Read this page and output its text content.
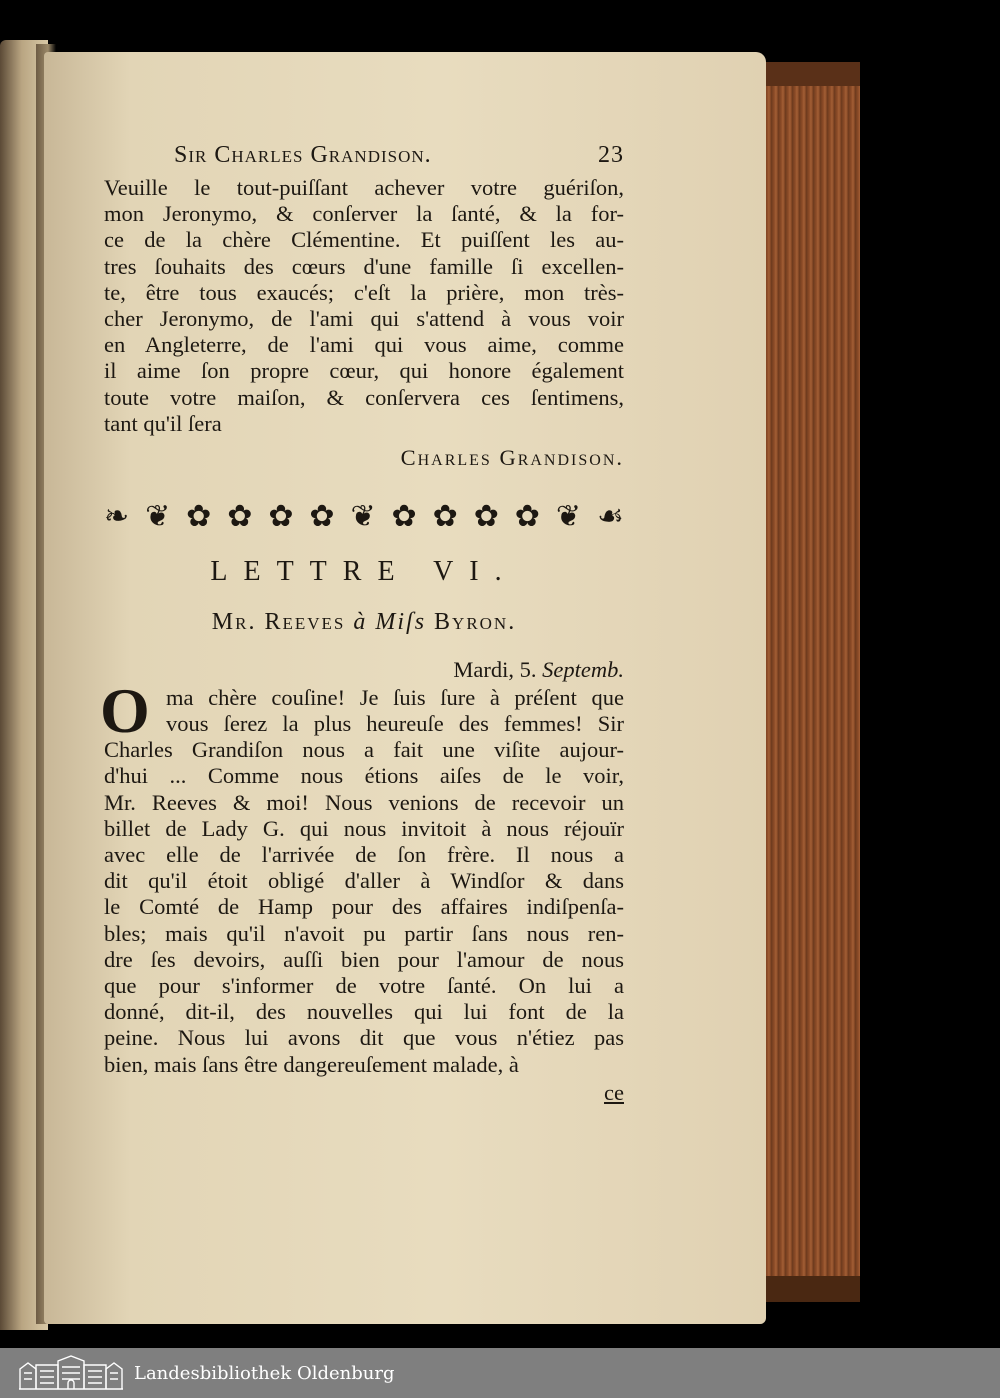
Sir Charles Grandison.	23
Veuille le tout-puiſſant achever votre guériſon,
mon Jeronymo, & conſerver la ſanté, & la for-
ce de la chère Clémentine. Et puiſſent les au-
tres ſouhaits des cœurs d'une famille ſi excellen-
te, être tous exaucés; c'eſt la prière, mon très-
cher Jeronymo, de l'ami qui s'attend à vous voir
en Angleterre, de l'ami qui vous aime, comme
il aime ſon propre cœur, qui honore également
toute votre maiſon, & conſervera ces ſentimens,
tant qu'il ſera
Charles Grandison.
❧ ❦ ✿ ✿ ✿ ✿ ❦ ✿ ✿ ✿ ✿ ❦ ☙
LETTRE VI.
Mr. Reeves à Miſs Byron.
Mardi, 5. Septemb.
O ma chère couſine! Je ſuis ſure à préſent que
vous ſerez la plus heureuſe des femmes! Sir
Charles Grandiſon nous a fait une viſite aujour-
d'hui ... Comme nous étions aiſes de le voir,
Mr. Reeves & moi! Nous venions de recevoir un
billet de Lady G. qui nous invitoit à nous réjouïr
avec elle de l'arrivée de ſon frère. Il nous a
dit qu'il étoit obligé d'aller à Windſor & dans
le Comté de Hamp pour des affaires indiſpenſa-
bles; mais qu'il n'avoit pu partir ſans nous ren-
dre ſes devoirs, auſſi bien pour l'amour de nous
que pour s'informer de votre ſanté. On lui a
donné, dit-il, des nouvelles qui lui font de la
peine. Nous lui avons dit que vous n'étiez pas
bien, mais ſans être dangereuſement malade, à
ce
Landesbibliothek Oldenburg
